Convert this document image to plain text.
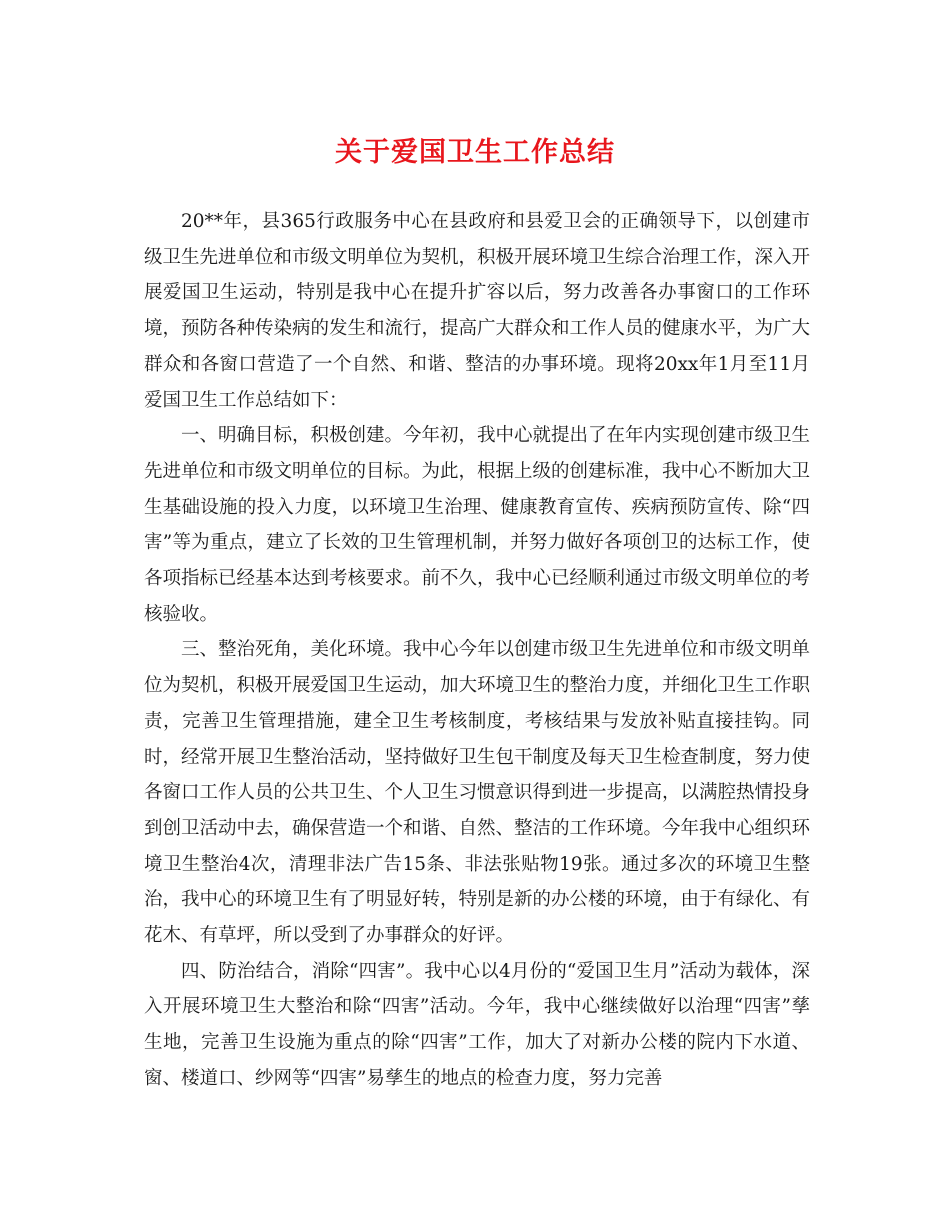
关于爱国卫生工作总结

20**年，县365行政服务中心在县政府和县爱卫会的正确领导下，以创建市级卫生先进单位和市级文明单位为契机，积极开展环境卫生综合治理工作，深入开展爱国卫生运动，特别是我中心在提升扩容以后，努力改善各办事窗口的工作环境，预防各种传染病的发生和流行，提高广大群众和工作人员的健康水平，为广大群众和各窗口营造了一个自然、和谐、整洁的办事环境。现将20xx年1月至11月爱国卫生工作总结如下：

一、明确目标，积极创建。今年初，我中心就提出了在年内实现创建市级卫生先进单位和市级文明单位的目标。为此，根据上级的创建标准，我中心不断加大卫生基础设施的投入力度，以环境卫生治理、健康教育宣传、疾病预防宣传、除“四害”等为重点，建立了长效的卫生管理机制，并努力做好各项创卫的达标工作，使各项指标已经基本达到考核要求。前不久，我中心已经顺利通过市级文明单位的考核验收。

三、整治死角，美化环境。我中心今年以创建市级卫生先进单位和市级文明单位为契机，积极开展爱国卫生运动，加大环境卫生的整治力度，并细化卫生工作职责，完善卫生管理措施，建全卫生考核制度，考核结果与发放补贴直接挂钩。同时，经常开展卫生整治活动，坚持做好卫生包干制度及每天卫生检查制度，努力使各窗口工作人员的公共卫生、个人卫生习惯意识得到进一步提高，以满腔热情投身到创卫活动中去，确保营造一个和谐、自然、整洁的工作环境。今年我中心组织环境卫生整治4次，清理非法广告15条、非法张贴物19张。通过多次的环境卫生整治，我中心的环境卫生有了明显好转，特别是新的办公楼的环境，由于有绿化、有花木、有草坪，所以受到了办事群众的好评。

四、防治结合，消除“四害”。我中心以4月份的“爱国卫生月”活动为载体，深入开展环境卫生大整治和除“四害”活动。今年，我中心继续做好以治理“四害”孳生地，完善卫生设施为重点的除“四害”工作，加大了对新办公楼的院内下水道、窗、楼道口、纱网等“四害”易孳生的地点的检查力度，努力完善
